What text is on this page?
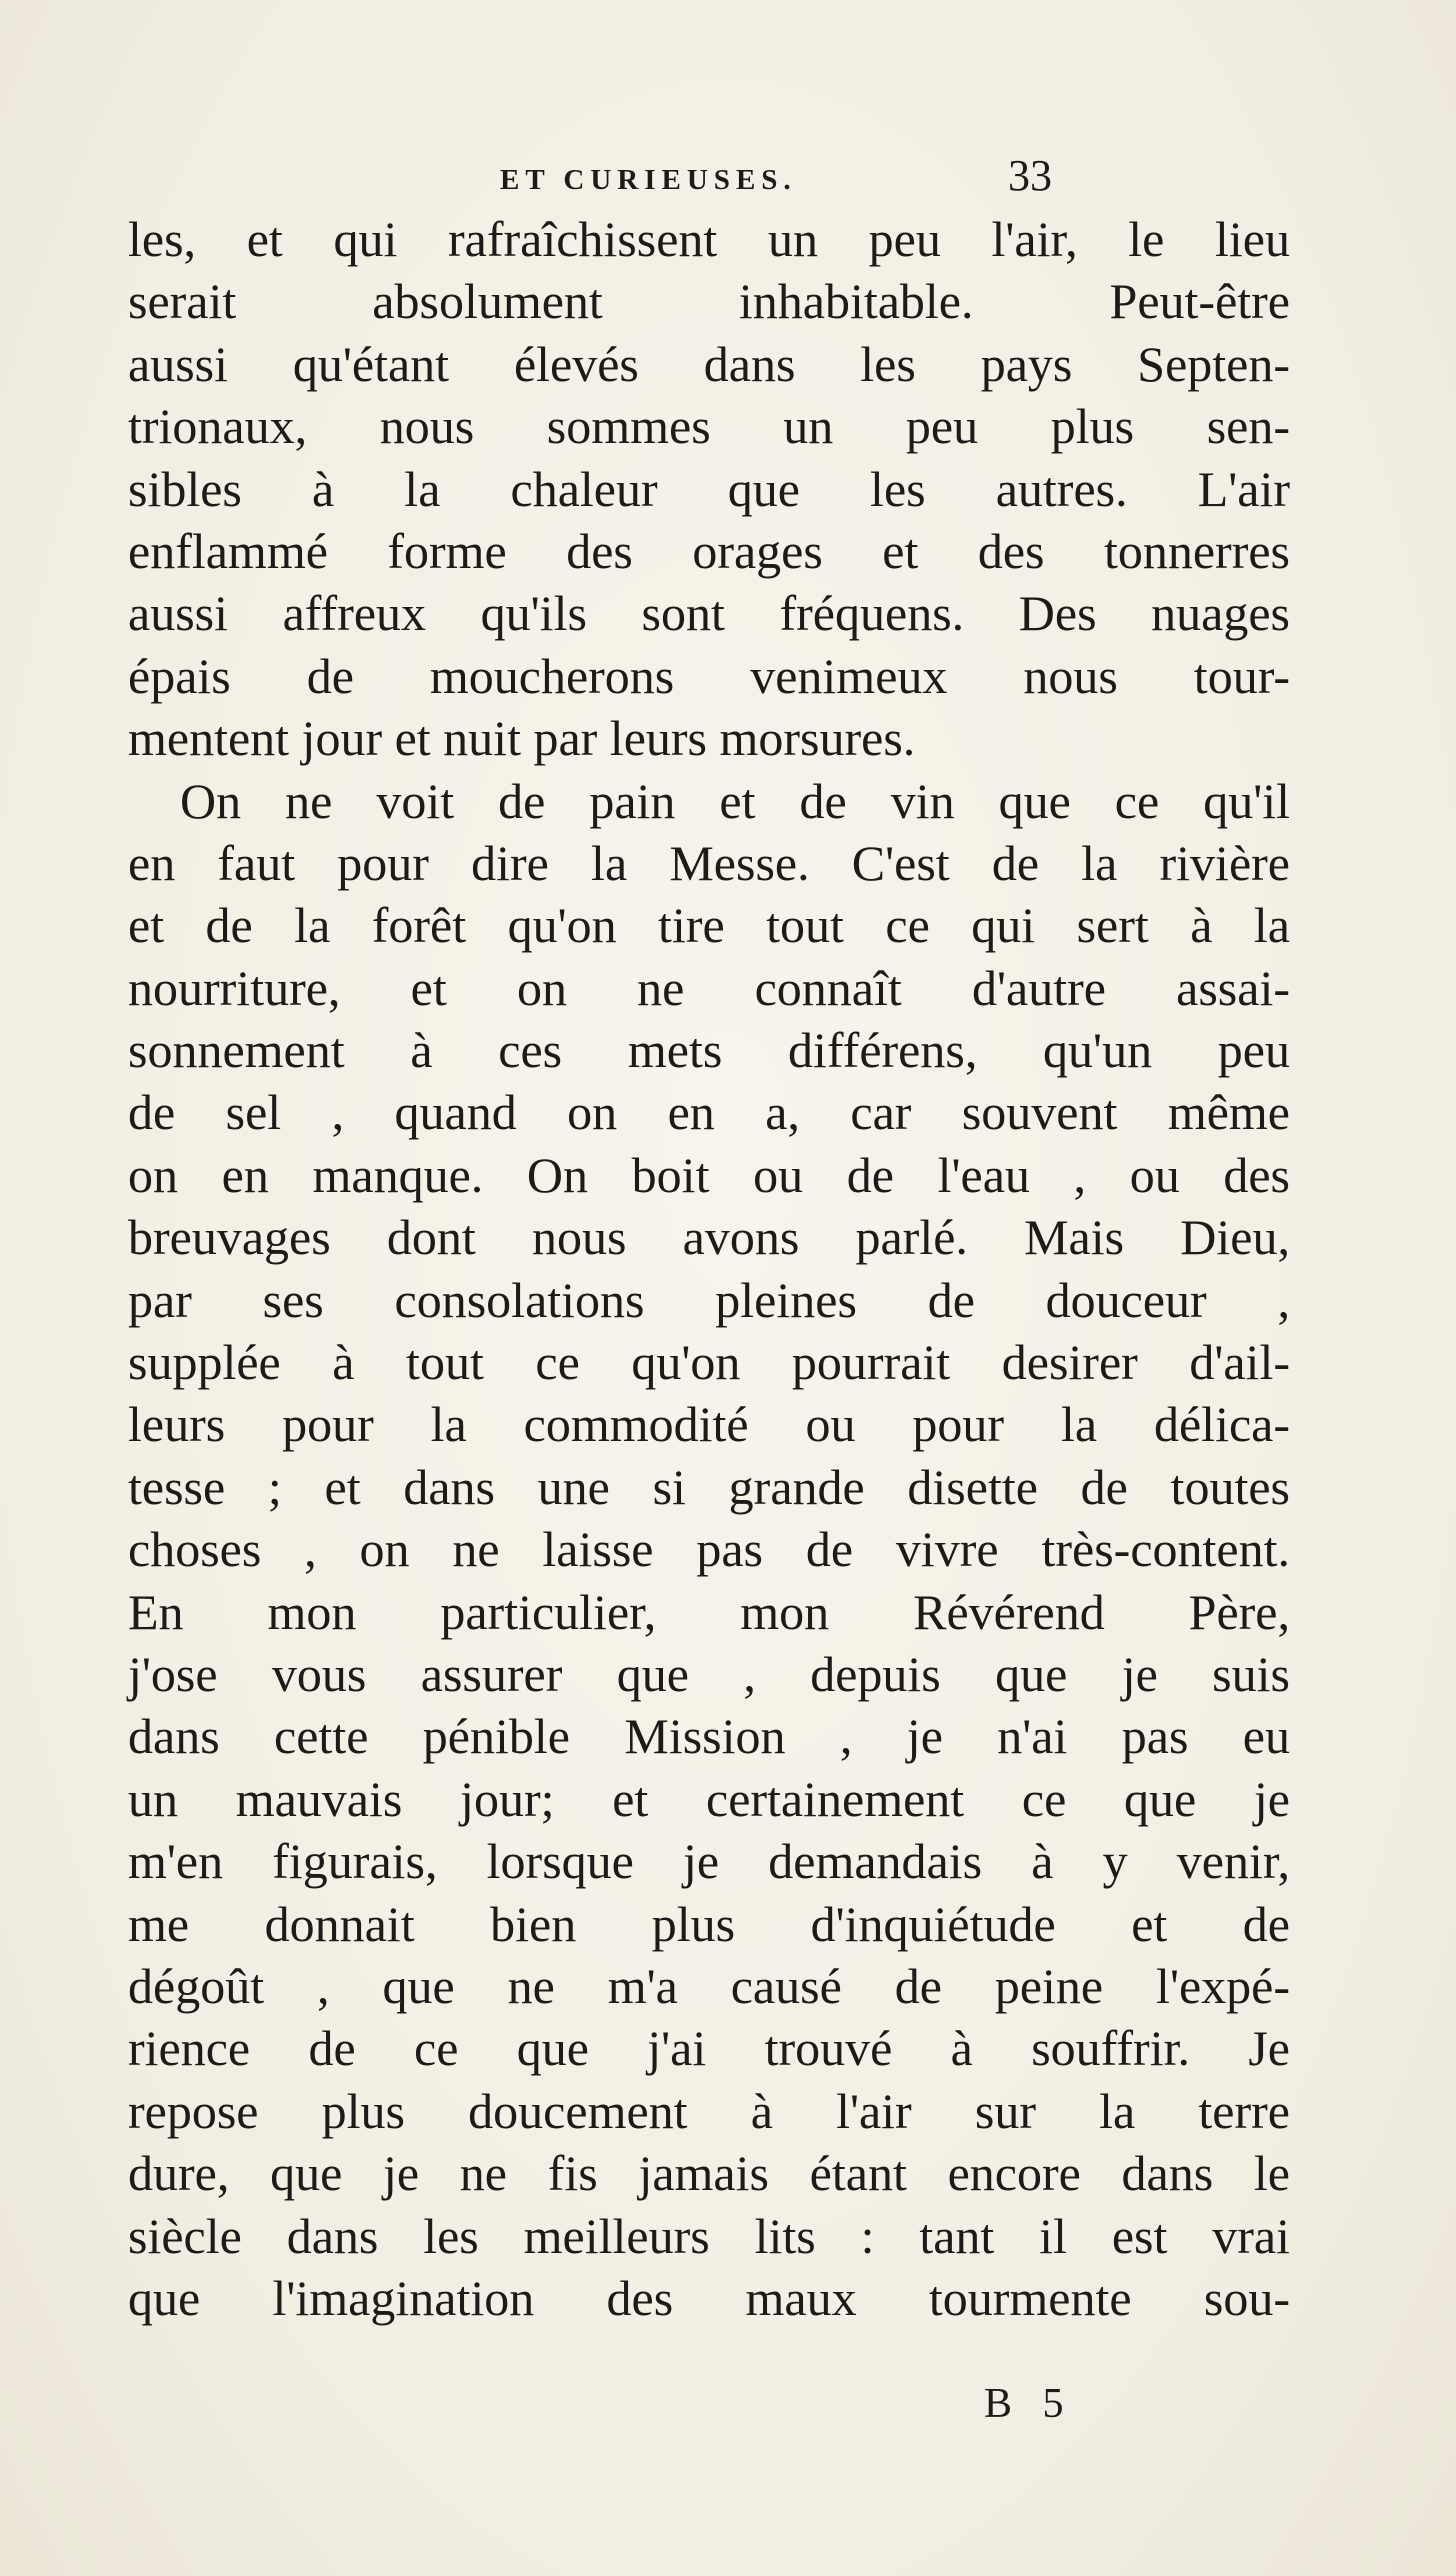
ET CURIEUSES.	33
les, et qui rafraîchissent un peu l'air, le lieu
serait absolument inhabitable. Peut-être
aussi qu'étant élevés dans les pays Septen-
trionaux, nous sommes un peu plus sen-
sibles à la chaleur que les autres. L'air
enflammé forme des orages et des tonnerres
aussi affreux qu'ils sont fréquens. Des nuages
épais de moucherons venimeux nous tour-
mentent jour et nuit par leurs morsures.
On ne voit de pain et de vin que ce qu'il
en faut pour dire la Messe. C'est de la rivière
et de la forêt qu'on tire tout ce qui sert à la
nourriture, et on ne connaît d'autre assai-
sonnement à ces mets différens, qu'un peu
de sel , quand on en a, car souvent même
on en manque. On boit ou de l'eau , ou des
breuvages dont nous avons parlé. Mais Dieu,
par ses consolations pleines de douceur ,
supplée à tout ce qu'on pourrait desirer d'ail-
leurs pour la commodité ou pour la délica-
tesse ; et dans une si grande disette de toutes
choses , on ne laisse pas de vivre très-content.
En mon particulier, mon Révérend Père,
j'ose vous assurer que , depuis que je suis
dans cette pénible Mission , je n'ai pas eu
un mauvais jour; et certainement ce que je
m'en figurais, lorsque je demandais à y venir,
me donnait bien plus d'inquiétude et de
dégoût , que ne m'a causé de peine l'expé-
rience de ce que j'ai trouvé à souffrir. Je
repose plus doucement à l'air sur la terre
dure, que je ne fis jamais étant encore dans le
siècle dans les meilleurs lits : tant il est vrai
que l'imagination des maux tourmente sou-
B 5
